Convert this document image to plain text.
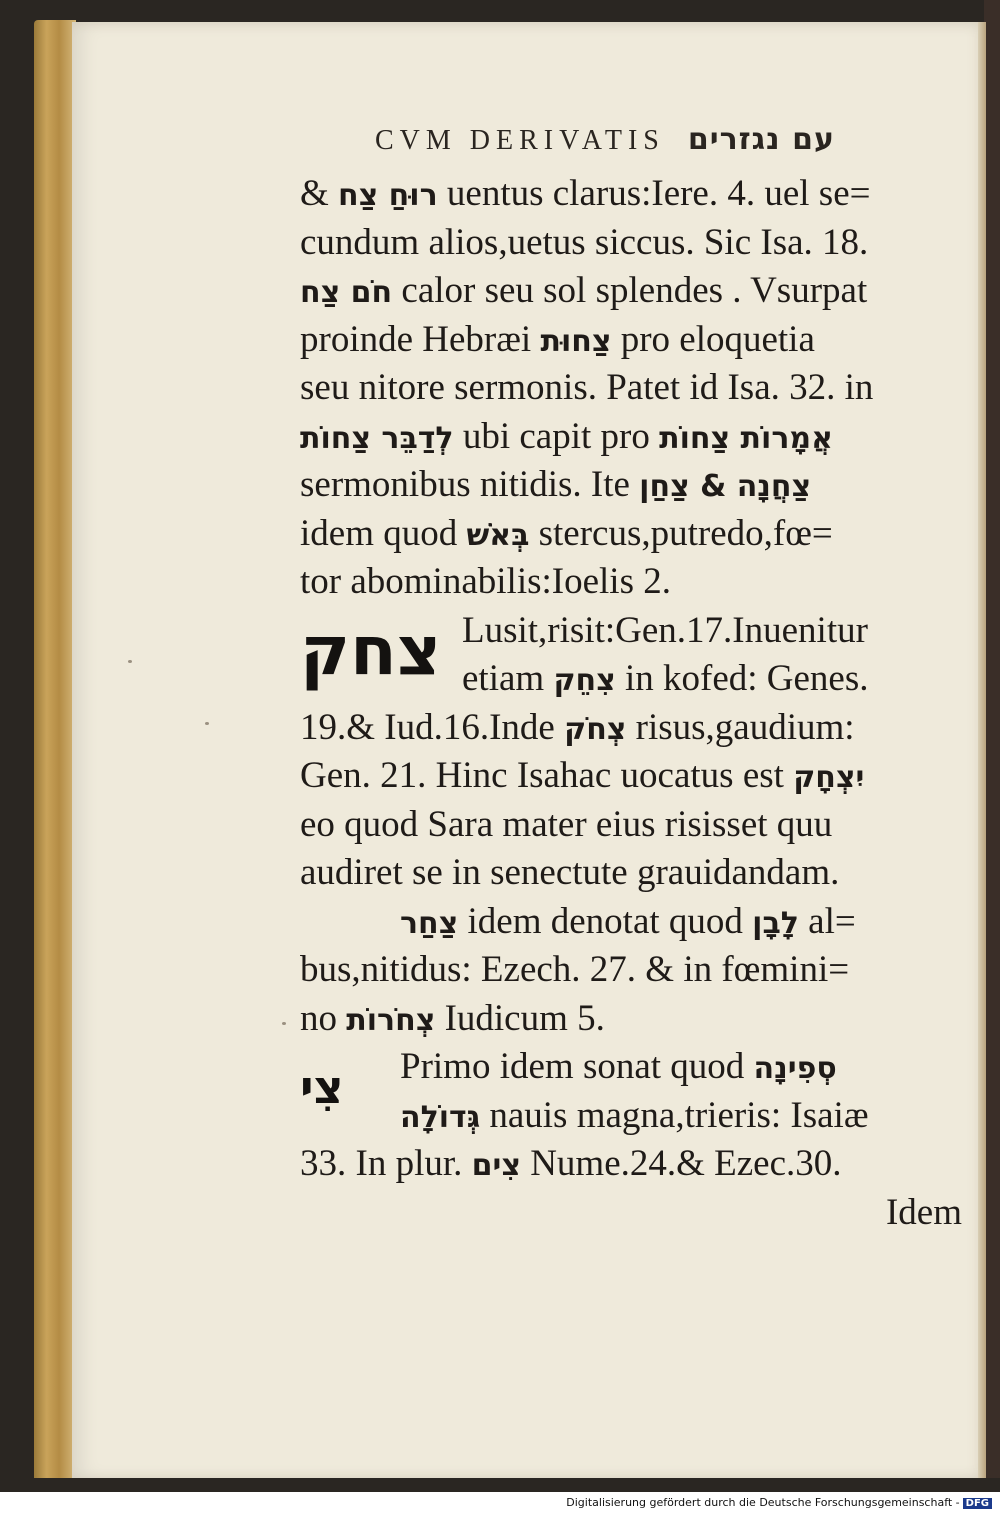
CVM DERIVATIS עם נגזרים
& רוּחַ צַח uentus clarus:Iere. 4. uel se=
cundum alios,uetus siccus. Sic Isa. 18.
חֹם צַח calor seu sol splendes . Vsurpat
proinde Hebræi צַחוּת pro eloquetia
seu nitore sermonis. Patet id Isa. 32. in
לְדַבֵּר צַחוֹת ubi capit pro אֲמָרוֹת צַחוֹת
sermonibus nitidis. Ite צַחֲנָה & צַחַן
idem quod בְּאֹשׁ stercus,putredo,fœ=
tor abominabilis:Ioelis 2.
Lusit,risit:Gen.17.Inuenitur
etiam צִחֵק in kofed: Genes.
19.& Iud.16.Inde צְחֹק risus,gaudium:
Gen. 21. Hinc Isahac uocatus est יִצְחָק
eo quod Sara mater eius risisset quu
audiret se in senectute grauidandam.
צַחַר idem denotat quod לָבָן al=
bus,nitidus: Ezech. 27. & in fœmini=
no צְחֹרוֹת Iudicum 5.
Primo idem sonat quod סְפִינָה
גְּדוֹלָה nauis magna,trieris: Isaiæ
33. In plur. צִים Nume.24.& Ezec.30.
Idem
צחק
צִי
Digitalisierung gefördert durch die Deutsche Forschungsgemeinschaft - DFG
